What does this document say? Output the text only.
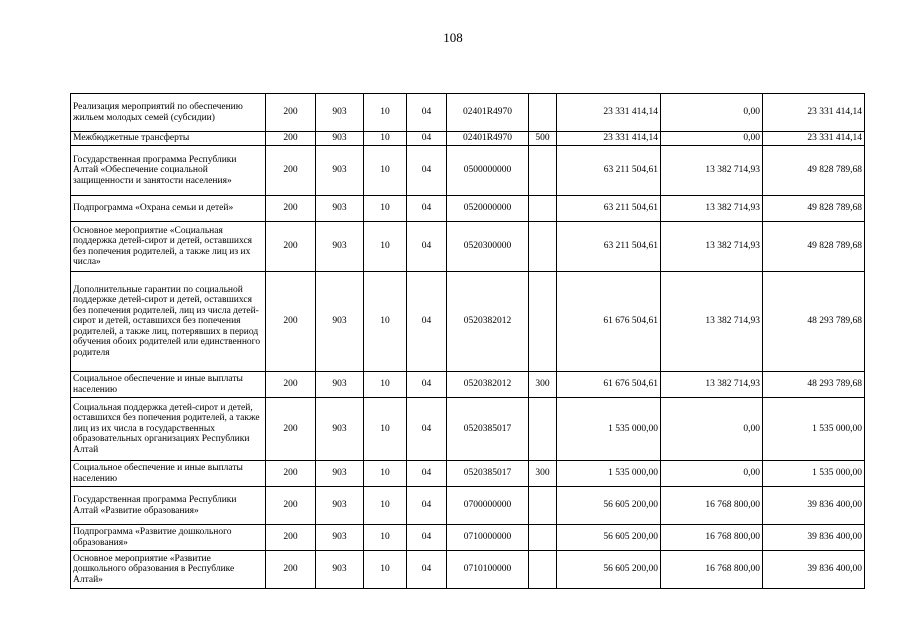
108
Реализация мероприятий по обеспечению жильем молодых семей (субсидии)	200	903	10	04	02401R4970		23 331 414,14	0,00	23 331 414,14
Межбюджетные трансферты	200	903	10	04	02401R4970	500	23 331 414,14	0,00	23 331 414,14
Государственная программа Республики Алтай «Обеспечение социальной защищенности и занятости населения»	200	903	10	04	0500000000		63 211 504,61	13 382 714,93	49 828 789,68
Подпрограмма «Охрана семьи и детей»	200	903	10	04	0520000000		63 211 504,61	13 382 714,93	49 828 789,68
Основное мероприятие «Социальная поддержка детей-сирот и детей, оставшихся без попечения родителей, а также лиц из их числа»	200	903	10	04	0520300000		63 211 504,61	13 382 714,93	49 828 789,68
Дополнительные гарантии по социальной поддержке детей-сирот и детей, оставшихся без попечения родителей, лиц из числа детей-сирот и детей, оставшихся без попечения родителей, а также лиц, потерявших в период обучения обоих родителей или единственного родителя	200	903	10	04	0520382012		61 676 504,61	13 382 714,93	48 293 789,68
Социальное обеспечение и иные выплаты населению	200	903	10	04	0520382012	300	61 676 504,61	13 382 714,93	48 293 789,68
Социальная поддержка детей-сирот и детей, оставшихся без попечения родителей, а также лиц из их числа в государственных образовательных организациях Республики Алтай	200	903	10	04	0520385017		1 535 000,00	0,00	1 535 000,00
Социальное обеспечение и иные выплаты населению	200	903	10	04	0520385017	300	1 535 000,00	0,00	1 535 000,00
Государственная программа Республики Алтай «Развитие образования»	200	903	10	04	0700000000		56 605 200,00	16 768 800,00	39 836 400,00
Подпрограмма «Развитие дошкольного образования»	200	903	10	04	0710000000		56 605 200,00	16 768 800,00	39 836 400,00
Основное мероприятие «Развитие дошкольного образования в Республике Алтай»	200	903	10	04	0710100000		56 605 200,00	16 768 800,00	39 836 400,00
